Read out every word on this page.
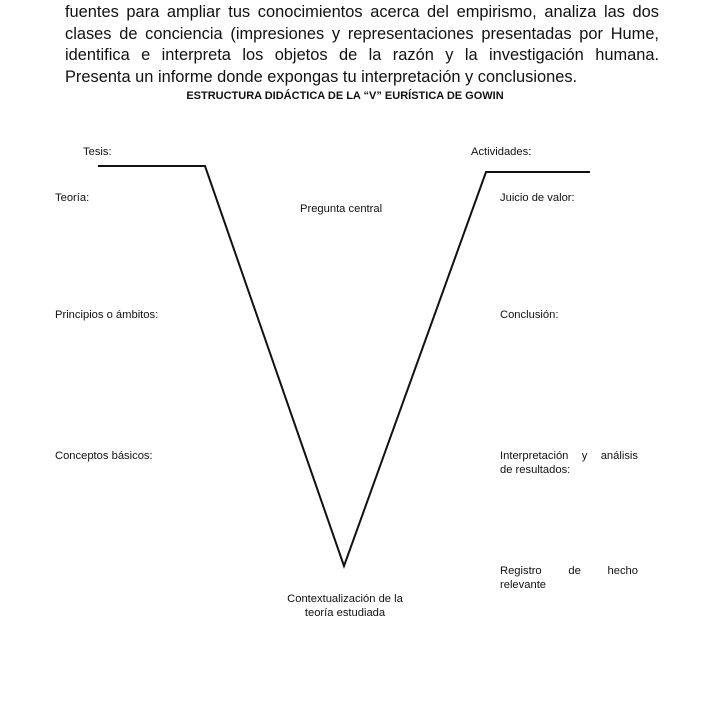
fuentes para ampliar tus conocimientos acerca del empirismo, analiza las dos
clases de conciencia (impresiones y representaciones presentadas por Hume,
identifica e interpreta los objetos de la razón y la investigación humana.
Presenta un informe donde expongas tu interpretación y conclusiones.
ESTRUCTURA DIDÁCTICA DE LA “V” EURÍSTICA DE GOWIN
Tesis:	Actividades:
Teoría:
Pregunta central
Juicio de valor:
Principios o ámbitos:	Conclusión:
Conceptos básicos:	Interpretación y análisis
de resultados:
Registro de hecho
relevante
Contextualización de la
teoría estudiada
